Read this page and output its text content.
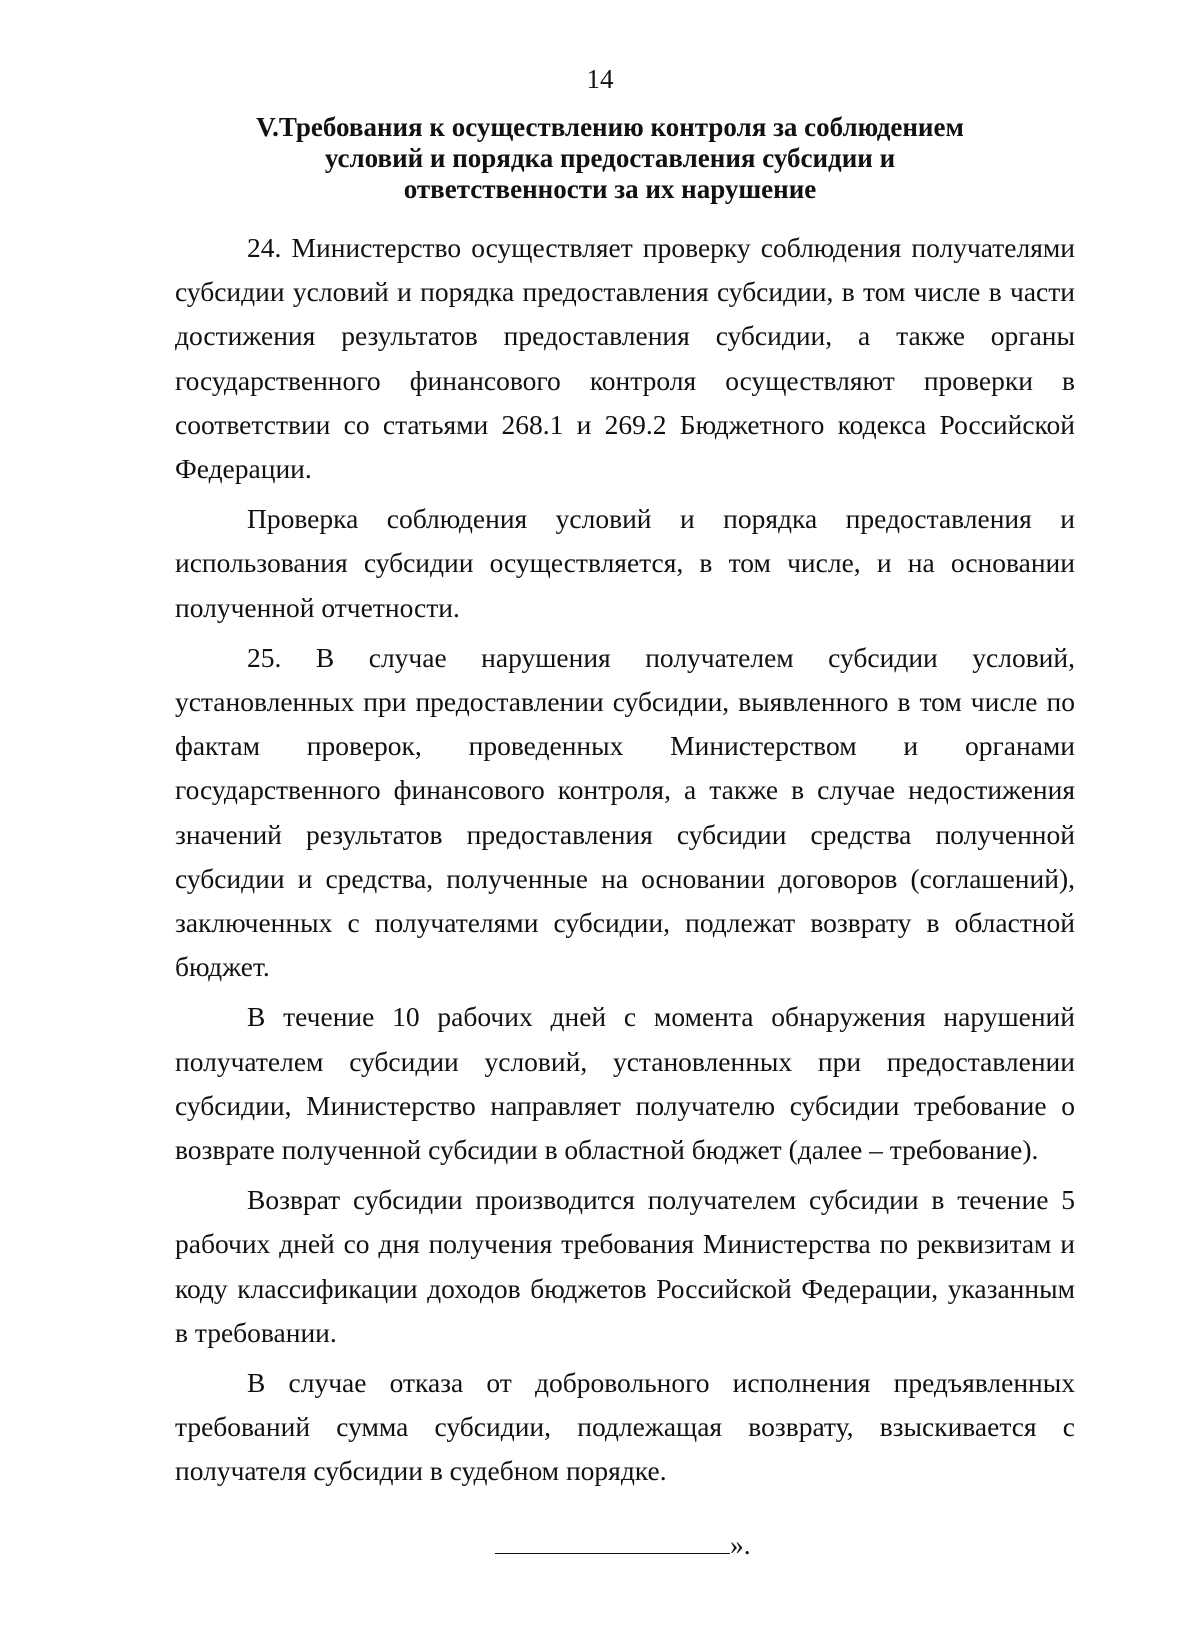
14
V.Требования к осуществлению контроля за соблюдением
условий и порядка предоставления субсидии и
ответственности за их нарушение

24. Министерство осуществляет проверку соблюдения получателями субсидии условий и порядка предоставления субсидии, в том числе в части достижения результатов предоставления субсидии, а также органы государственного финансового контроля осуществляют проверки в соответствии со статьями 268.1 и 269.2 Бюджетного кодекса Российской Федерации.

Проверка соблюдения условий и порядка предоставления и использования субсидии осуществляется, в том числе, и на основании полученной отчетности.

25. В случае нарушения получателем субсидии условий, установленных при предоставлении субсидии, выявленного в том числе по фактам проверок, проведенных Министерством и органами государственного финансового контроля, а также в случае недостижения значений результатов предоставления субсидии средства полученной субсидии и средства, полученные на основании договоров (соглашений), заключенных с получателями субсидии, подлежат возврату в областной бюджет.

В течение 10 рабочих дней с момента обнаружения нарушений получателем субсидии условий, установленных при предоставлении субсидии, Министерство направляет получателю субсидии требование о возврате полученной субсидии в областной бюджет (далее – требование).

Возврат субсидии производится получателем субсидии в течение 5 рабочих дней со дня получения требования Министерства по реквизитам и коду классификации доходов бюджетов Российской Федерации, указанным в требовании.

В случае отказа от добровольного исполнения предъявленных требований сумма субсидии, подлежащая возврату, взыскивается с получателя субсидии в судебном порядке.

».
